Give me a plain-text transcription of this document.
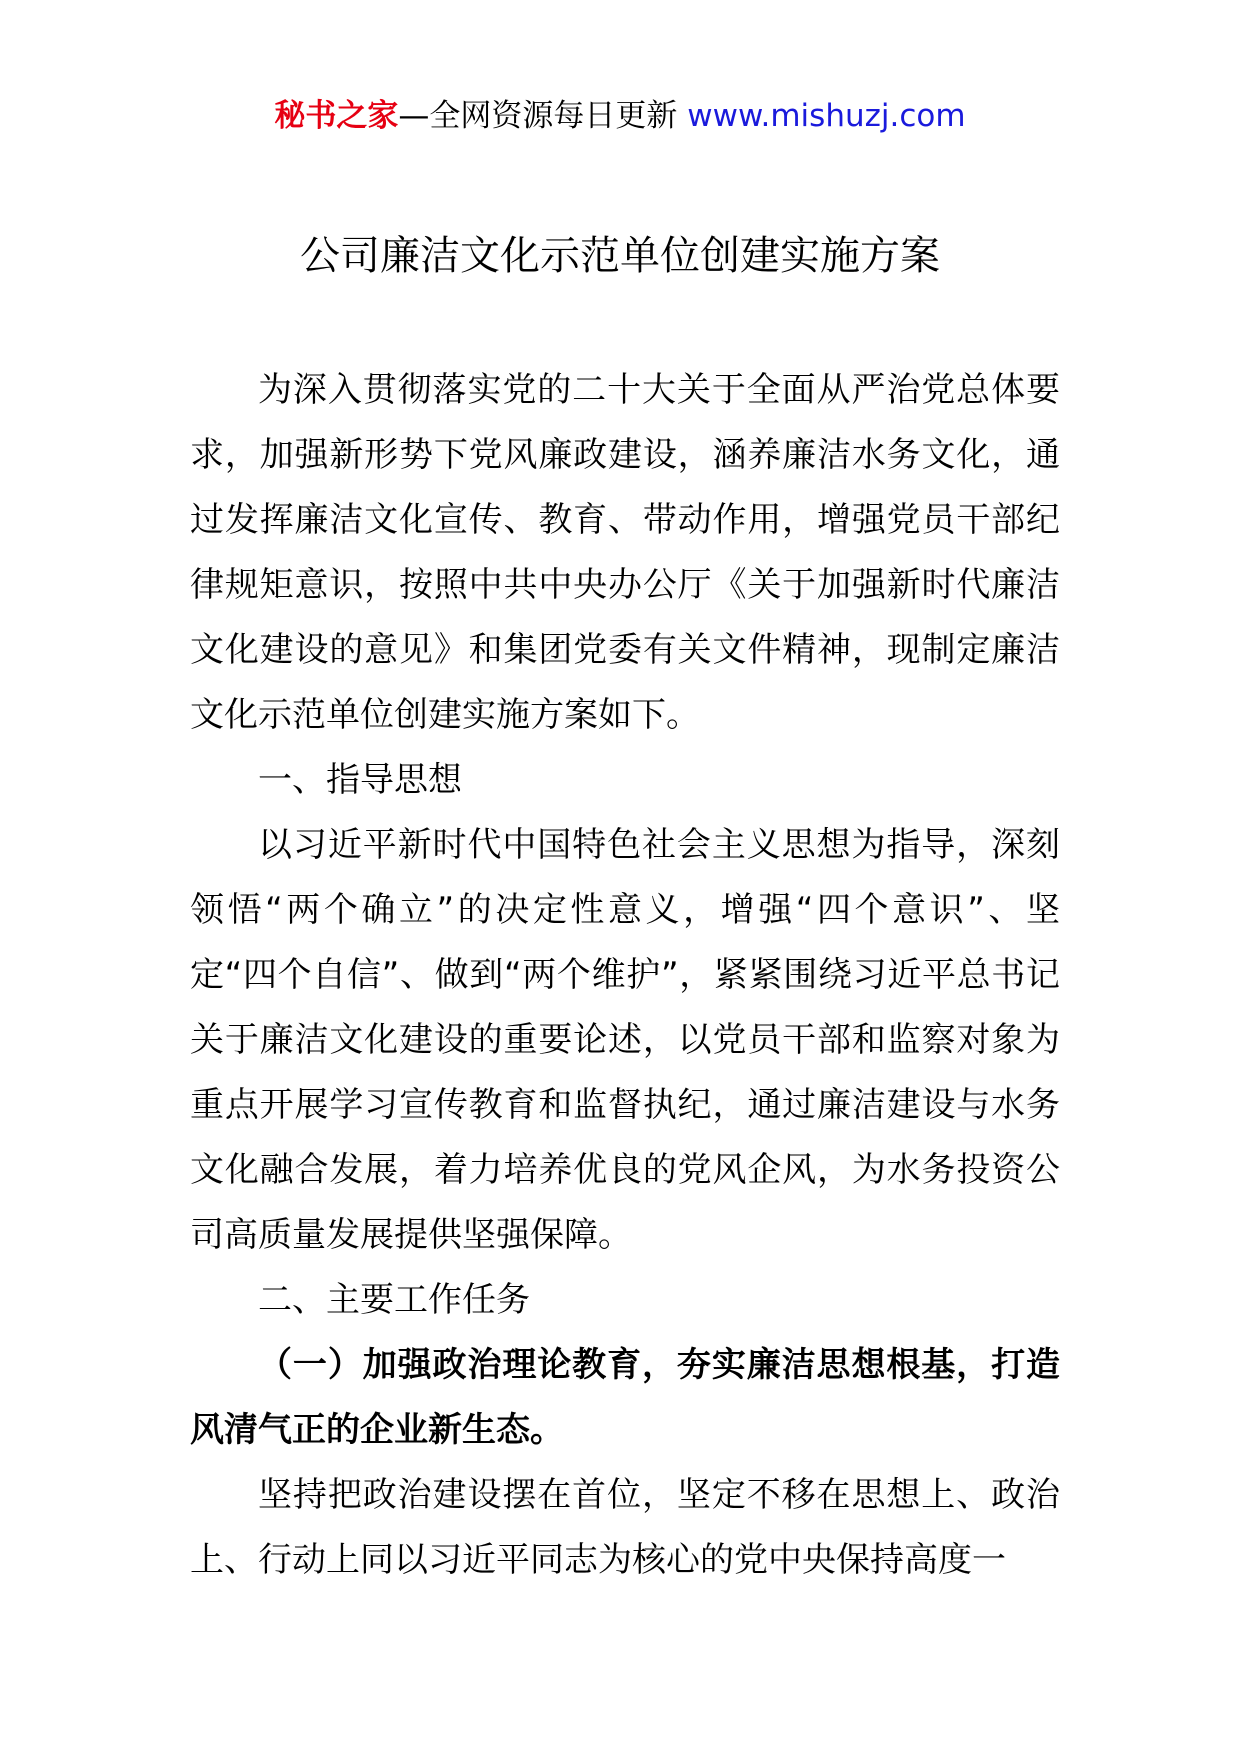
秘书之家—全网资源每日更新 www.mishuzj.com
公司廉洁文化示范单位创建实施方案

为深入贯彻落实党的二十大关于全面从严治党总体要求，加强新形势下党风廉政建设，涵养廉洁水务文化，通过发挥廉洁文化宣传、教育、带动作用，增强党员干部纪律规矩意识，按照中共中央办公厅《关于加强新时代廉洁文化建设的意见》和集团党委有关文件精神，现制定廉洁文化示范单位创建实施方案如下。

一、指导思想

以习近平新时代中国特色社会主义思想为指导，深刻领悟“两个确立”的决定性意义，增强“四个意识”、坚定“四个自信”、做到“两个维护”，紧紧围绕习近平总书记关于廉洁文化建设的重要论述，以党员干部和监察对象为重点开展学习宣传教育和监督执纪，通过廉洁建设与水务文化融合发展，着力培养优良的党风企风，为水务投资公司高质量发展提供坚强保障。

二、主要工作任务

（一）加强政治理论教育，夯实廉洁思想根基，打造风清气正的企业新生态。

坚持把政治建设摆在首位，坚定不移在思想上、政治上、行动上同以习近平同志为核心的党中央保持高度一
